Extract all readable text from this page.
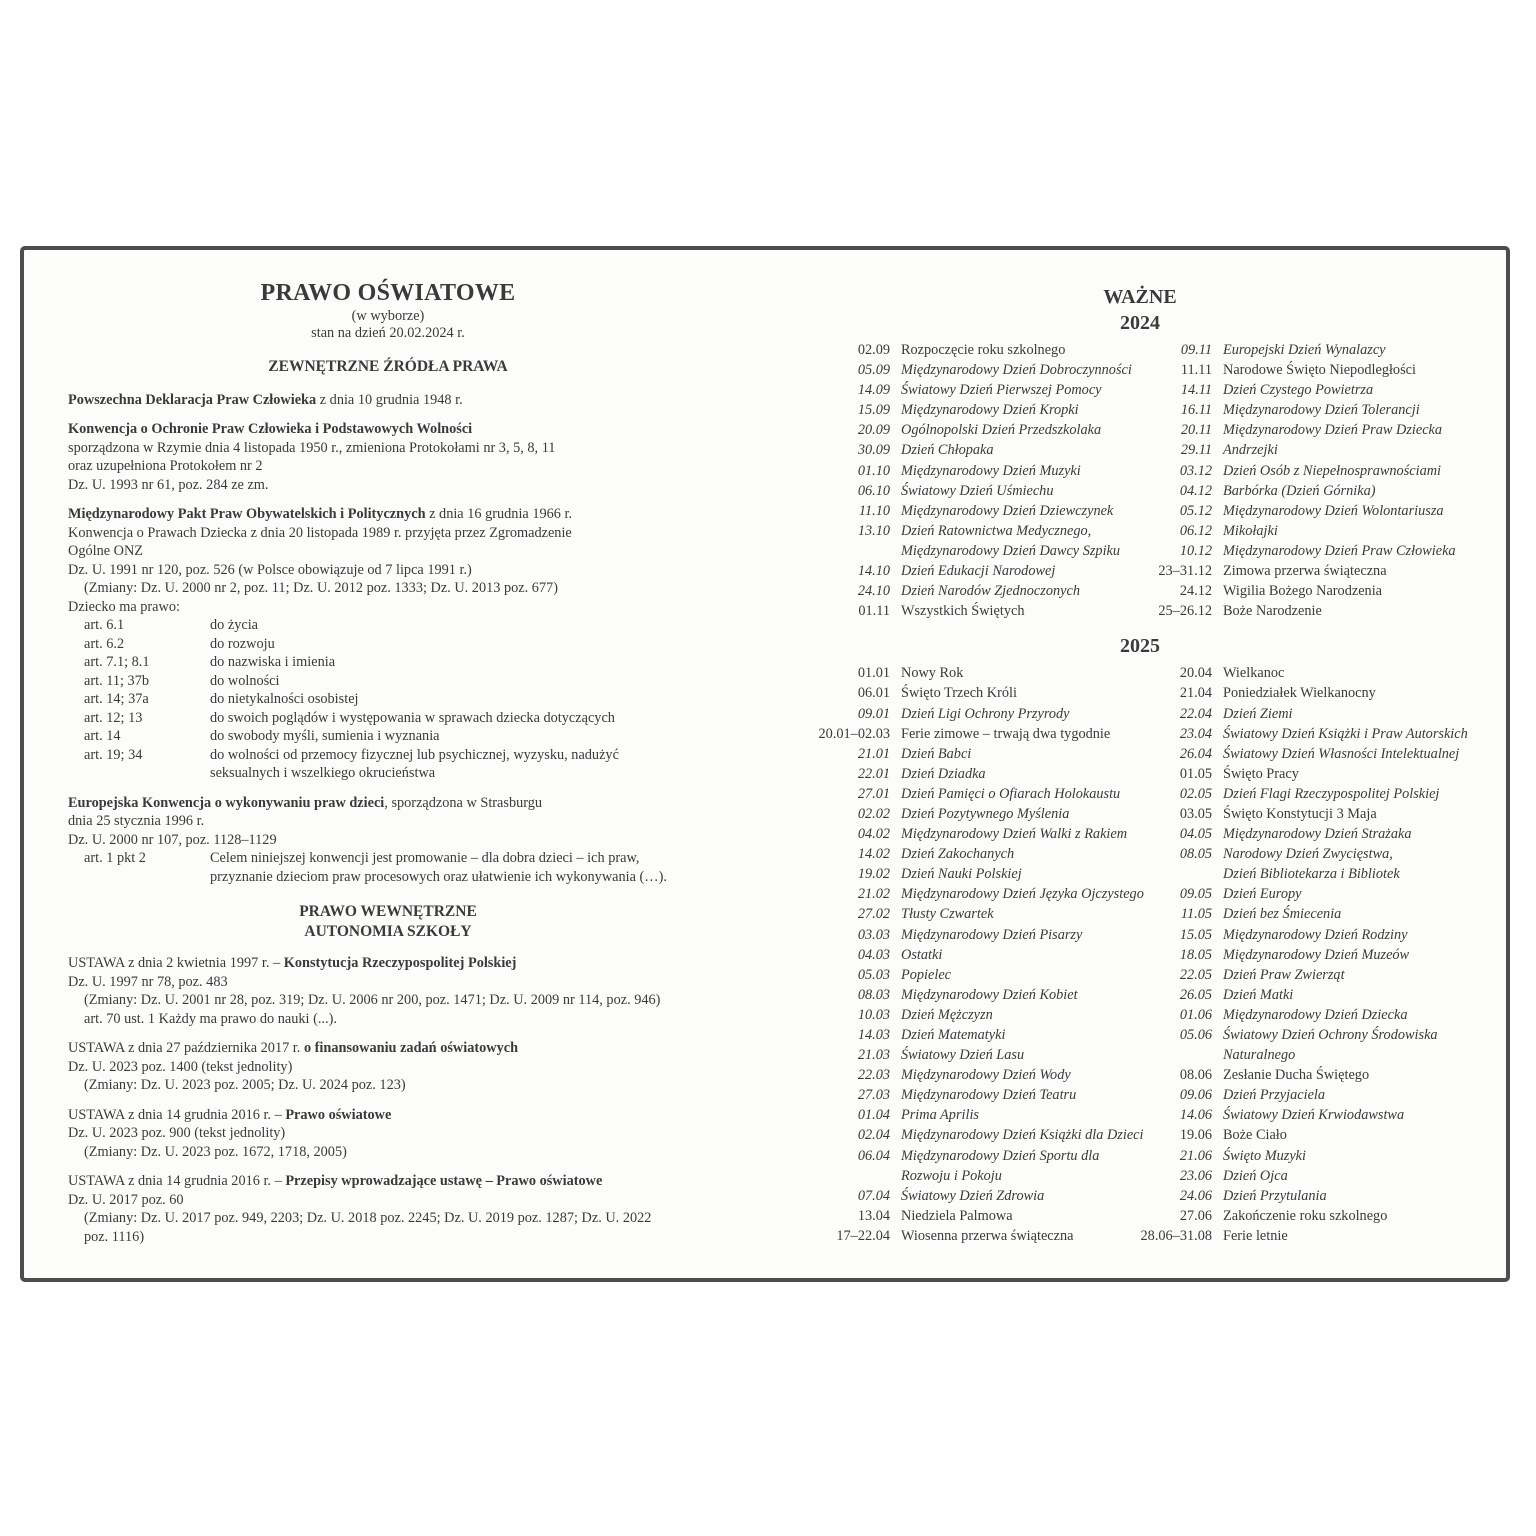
PRAWO OŚWIATOWE
(w wyborze)
stan na dzień 20.02.2024 r.
ZEWNĘTRZNE ŹRÓDŁA PRAWA
Powszechna Deklaracja Praw Człowieka z dnia 10 grudnia 1948 r.
Konwencja o Ochronie Praw Człowieka i Podstawowych Wolności
sporządzona w Rzymie dnia 4 listopada 1950 r., zmieniona Protokołami nr 3, 5, 8, 11
oraz uzupełniona Protokołem nr 2
Dz. U. 1993 nr 61, poz. 284 ze zm.
Międzynarodowy Pakt Praw Obywatelskich i Politycznych z dnia 16 grudnia 1966 r.
Konwencja o Prawach Dziecka z dnia 20 listopada 1989 r. przyjęta przez Zgromadzenie
Ogólne ONZ
Dz. U. 1991 nr 120, poz. 526 (w Polsce obowiązuje od 7 lipca 1991 r.)
(Zmiany: Dz. U. 2000 nr 2, poz. 11; Dz. U. 2012 poz. 1333; Dz. U. 2013 poz. 677)
Dziecko ma prawo:
art. 6.1	do życia
art. 6.2	do rozwoju
art. 7.1; 8.1	do nazwiska i imienia
art. 11; 37b	do wolności
art. 14; 37a	do nietykalności osobistej
art. 12; 13	do swoich poglądów i występowania w sprawach dziecka dotyczących
art. 14	do swobody myśli, sumienia i wyznania
art. 19; 34	do wolności od przemocy fizycznej lub psychicznej, wyzysku, nadużyć
seksualnych i wszelkiego okrucieństwa
Europejska Konwencja o wykonywaniu praw dzieci, sporządzona w Strasburgu
dnia 25 stycznia 1996 r.
Dz. U. 2000 nr 107, poz. 1128–1129
art. 1 pkt 2	Celem niniejszej konwencji jest promowanie – dla dobra dzieci – ich praw,
przyznanie dzieciom praw procesowych oraz ułatwienie ich wykonywania (…).
PRAWO WEWNĘTRZNE
AUTONOMIA SZKOŁY
USTAWA z dnia 2 kwietnia 1997 r. – Konstytucja Rzeczypospolitej Polskiej
Dz. U. 1997 nr 78, poz. 483
(Zmiany: Dz. U. 2001 nr 28, poz. 319; Dz. U. 2006 nr 200, poz. 1471; Dz. U. 2009 nr 114, poz. 946)
art. 70 ust. 1 Każdy ma prawo do nauki (...).
USTAWA z dnia 27 października 2017 r. o finansowaniu zadań oświatowych
Dz. U. 2023 poz. 1400 (tekst jednolity)
(Zmiany: Dz. U. 2023 poz. 2005; Dz. U. 2024 poz. 123)
USTAWA z dnia 14 grudnia 2016 r. – Prawo oświatowe
Dz. U. 2023 poz. 900 (tekst jednolity)
(Zmiany: Dz. U. 2023 poz. 1672, 1718, 2005)
USTAWA z dnia 14 grudnia 2016 r. – Przepisy wprowadzające ustawę – Prawo oświatowe
Dz. U. 2017 poz. 60
(Zmiany: Dz. U. 2017 poz. 949, 2203; Dz. U. 2018 poz. 2245; Dz. U. 2019 poz. 1287; Dz. U. 2022
poz. 1116)
WAŻNE
2024
02.09 Rozpoczęcie roku szkolnego
05.09 Międzynarodowy Dzień Dobroczynności
14.09 Światowy Dzień Pierwszej Pomocy
15.09 Międzynarodowy Dzień Kropki
20.09 Ogólnopolski Dzień Przedszkolaka
30.09 Dzień Chłopaka
01.10 Międzynarodowy Dzień Muzyki
06.10 Światowy Dzień Uśmiechu
11.10 Międzynarodowy Dzień Dziewczynek
13.10 Dzień Ratownictwa Medycznego,
Międzynarodowy Dzień Dawcy Szpiku
14.10 Dzień Edukacji Narodowej
24.10 Dzień Narodów Zjednoczonych
01.11 Wszystkich Świętych
09.11 Europejski Dzień Wynalazcy
11.11 Narodowe Święto Niepodległości
14.11 Dzień Czystego Powietrza
16.11 Międzynarodowy Dzień Tolerancji
20.11 Międzynarodowy Dzień Praw Dziecka
29.11 Andrzejki
03.12 Dzień Osób z Niepełnosprawnościami
04.12 Barbórka (Dzień Górnika)
05.12 Międzynarodowy Dzień Wolontariusza
06.12 Mikołajki
10.12 Międzynarodowy Dzień Praw Człowieka
23–31.12 Zimowa przerwa świąteczna
24.12 Wigilia Bożego Narodzenia
25–26.12 Boże Narodzenie
2025
01.01 Nowy Rok
06.01 Święto Trzech Króli
09.01 Dzień Ligi Ochrony Przyrody
20.01–02.03 Ferie zimowe – trwają dwa tygodnie
21.01 Dzień Babci
22.01 Dzień Dziadka
27.01 Dzień Pamięci o Ofiarach Holokaustu
02.02 Dzień Pozytywnego Myślenia
04.02 Międzynarodowy Dzień Walki z Rakiem
14.02 Dzień Zakochanych
19.02 Dzień Nauki Polskiej
21.02 Międzynarodowy Dzień Języka Ojczystego
27.02 Tłusty Czwartek
03.03 Międzynarodowy Dzień Pisarzy
04.03 Ostatki
05.03 Popielec
08.03 Międzynarodowy Dzień Kobiet
10.03 Dzień Mężczyzn
14.03 Dzień Matematyki
21.03 Światowy Dzień Lasu
22.03 Międzynarodowy Dzień Wody
27.03 Międzynarodowy Dzień Teatru
01.04 Prima Aprilis
02.04 Międzynarodowy Dzień Książki dla Dzieci
06.04 Międzynarodowy Dzień Sportu dla
Rozwoju i Pokoju
07.04 Światowy Dzień Zdrowia
13.04 Niedziela Palmowa
17–22.04 Wiosenna przerwa świąteczna
20.04 Wielkanoc
21.04 Poniedziałek Wielkanocny
22.04 Dzień Ziemi
23.04 Światowy Dzień Książki i Praw Autorskich
26.04 Światowy Dzień Własności Intelektualnej
01.05 Święto Pracy
02.05 Dzień Flagi Rzeczypospolitej Polskiej
03.05 Święto Konstytucji 3 Maja
04.05 Międzynarodowy Dzień Strażaka
08.05 Narodowy Dzień Zwycięstwa,
Dzień Bibliotekarza i Bibliotek
09.05 Dzień Europy
11.05 Dzień bez Śmiecenia
15.05 Międzynarodowy Dzień Rodziny
18.05 Międzynarodowy Dzień Muzeów
22.05 Dzień Praw Zwierząt
26.05 Dzień Matki
01.06 Międzynarodowy Dzień Dziecka
05.06 Światowy Dzień Ochrony Środowiska
Naturalnego
08.06 Zesłanie Ducha Świętego
09.06 Dzień Przyjaciela
14.06 Światowy Dzień Krwiodawstwa
19.06 Boże Ciało
21.06 Święto Muzyki
23.06 Dzień Ojca
24.06 Dzień Przytulania
27.06 Zakończenie roku szkolnego
28.06–31.08 Ferie letnie
